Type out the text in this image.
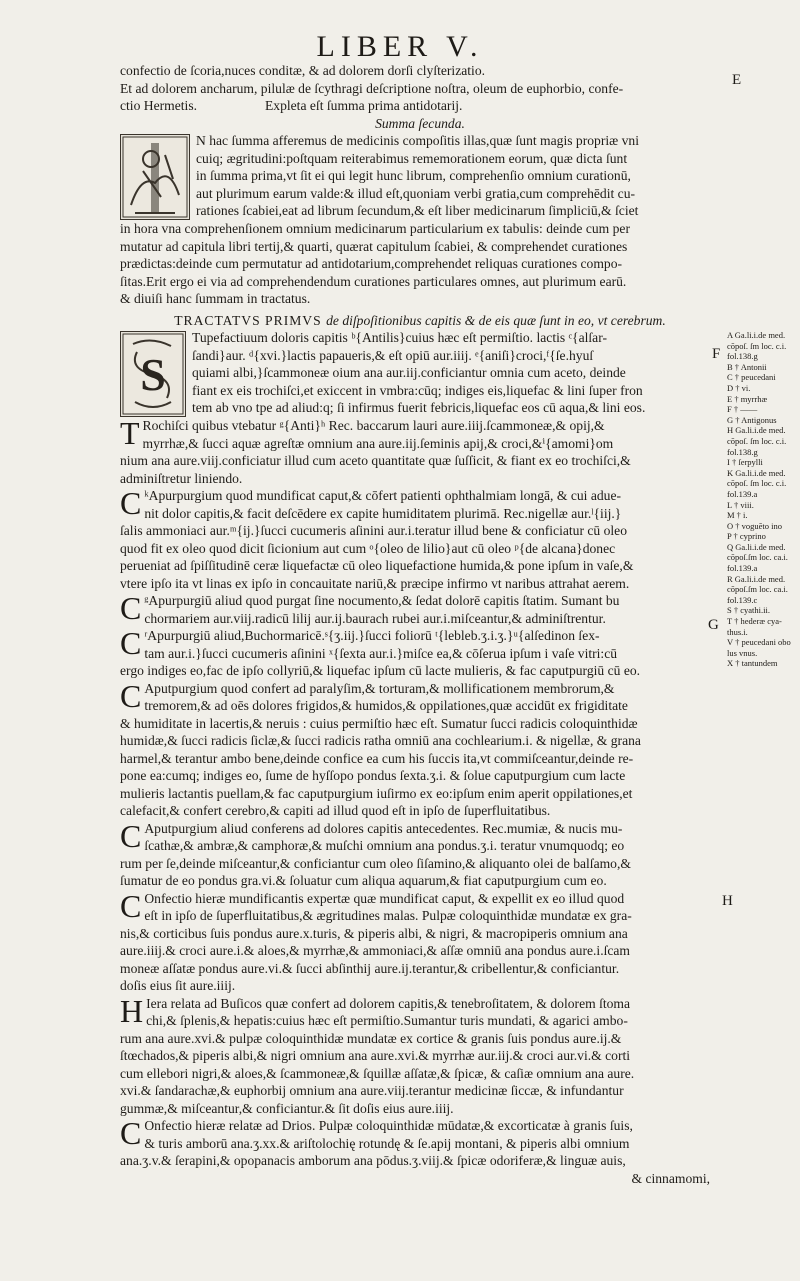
LIBER V.
E
F
G
H
confectio de ſcoria,nuces conditæ, & ad dolorem dorſi clyſterizatio.
Et ad dolorem ancharum, pilulæ de ſcythragi deſcriptione noſtra, oleum de euphorbio, confe-
ctio Hermetis.                    Expleta eſt ſumma prima antidotarij.
Summa ſecunda.
N hac ſumma afferemus de medicinis compoſitis illas,quæ ſunt magis propriæ vni
cuiq; ægritudini:poſtquam reiterabimus rememorationem eorum, quæ dicta ſunt
in ſumma prima,vt ſit ei qui legit hunc librum, comprehenſio omnium curationū,
aut plurimum earum valde:& illud eſt,quoniam verbi gratia,cum comprehēdit cu-
rationes ſcabiei,eat ad librum ſecundum,& eſt liber medicinarum ſimpliciū,& ſciet
in hora vna comprehenſionem omnium medicinarum particularium ex tabulis: deinde cum per
mutatur ad capitula libri tertij,& quarti, quærat capitulum ſcabiei, & comprehendet curationes
prædictas:deinde cum permutatur ad antidotarium,comprehendet reliquas curationes compo-
ſitas.Erit ergo ei via ad comprehendendum curationes particulares omnes, aut plurimum earū.
& diuiſi hanc ſummam in tractatus.
TRACTATVS PRIMVS de diſpoſitionibus capitis & de eis quæ ſunt in eo, vt cerebrum.
S
Tupefactiuum doloris capitis ᵇ{Antilis}cuius hæc eſt permiſtio. lactis ᶜ{alſar-
ſandi}aur. ᵈ{xvi.}lactis papaueris,& eſt opiū aur.iiij. ᵉ{aniſi}croci,ᶠ{ſe.hyuſ
quiami albi,}ſcammoneæ oium ana aur.iij.conficiantur omnia cum aceto, deinde
fiant ex eis trochiſci,et exiccent in vmbra:cūq; indiges eis,liquefac & lini ſuper fron
tem ab vno tpe ad aliud:q; ſi infirmus fuerit febricis,liquefac eos cū aqua,& lini eos.
T Rochiſci quibus vtebatur ᵍ{Anti}ʰ Rec. baccarum lauri aure.iiij.ſcammoneæ,& opij,&
myrrhæ,& ſucci aquæ agreſtæ omnium ana aure.iij.ſeminis apij,& croci,&ⁱ{amomi}om
nium ana aure.viij.conficiatur illud cum aceto quantitate quæ ſuſſicit, & fiant ex eo trochiſci,&
adminiſtretur liniendo.
C ᵏApurpurgium quod mundificat caput,& cōfert patienti ophthalmiam longā, & cui adue-
nit dolor capitis,& facit deſcēdere ex capite humiditatem plurimā. Rec.nigellæ aur.ˡ{iij.}
ſalis ammoniaci aur.ᵐ{ij.}ſucci cucumeris aſinini aur.i.teratur illud bene & conficiatur cū oleo
quod fit ex oleo quod dicit ſicionium aut cum ᵒ{oleo de lilio}aut cū oleo ᵖ{de alcana}donec
perueniat ad ſpiſſitudinē ceræ liquefactæ cū oleo liquefactione humida,& pone ipſum in vaſe,&
vtere ipſo ita vt linas ex ipſo in concauitate nariū,& præcipe infirmo vt naribus attrahat aerem.
C ᵍApurpurgiū aliud quod purgat ſine nocumento,& ſedat dolorē capitis ſtatim. Sumant bu
chormariem aur.viij.radicū lilij aur.ij.baurach rubei aur.i.miſceantur,& adminiſtrentur.
C ʳApurpurgiū aliud,Buchormaricē.ˢ{ʒ.iij.}ſucci foliorū ᵗ{lebleb.ʒ.i.ʒ.}ᵘ{alſedinon ſex-
tam aur.i.}ſucci cucumeris aſinini ˣ{ſexta aur.i.}miſce ea,& cōſerua ipſum i vaſe vitri:cū
ergo indiges eo,fac de ipſo collyriū,& liquefac ipſum cū lacte mulieris, & fac caputpurgiū cū eo.
C Aputpurgium quod confert ad paralyſim,& torturam,& mollificationem membrorum,&
tremorem,& ad oēs dolores frigidos,& humidos,& oppilationes,quæ accidūt ex frigiditate
& humiditate in lacertis,& neruis : cuius permiſtio hæc eſt. Sumatur ſucci radicis coloquinthidæ
humidæ,& ſucci radicis ſiclæ,& ſucci radicis ratha omniū ana cochlearium.i. & nigellæ, & grana
harmel,& terantur ambo bene,deinde confice ea cum his ſuccis ita,vt commiſceantur,deinde re-
pone ea:cumq; indiges eo, ſume de hyſſopo pondus ſexta.ʒ.i. & ſolue caputpurgium cum lacte
mulieris lactantis puellam,& fac caputpurgium iuſirmo ex eo:ipſum enim aperit oppilationes,et
calefacit,& confert cerebro,& capiti ad illud quod eſt in ipſo de ſuperfluitatibus.
C Aputpurgium aliud conferens ad dolores capitis antecedentes. Rec.mumiæ, & nucis mu-
ſcathæ,& ambræ,& camphoræ,& muſchi omnium ana pondus.ʒ.i. teratur vnumquodq; eo
rum per ſe,deinde miſceantur,& conficiantur cum oleo ſiſamino,& aliquanto olei de balſamo,&
ſumatur de eo pondus gra.vi.& ſoluatur cum aliqua aquarum,& fiat caputpurgium cum eo.
C Onfectio hieræ mundificantis expertæ quæ mundificat caput, & expellit ex eo illud quod
eſt in ipſo de ſuperfluitatibus,& ægritudines malas. Pulpæ coloquinthidæ mundatæ ex gra-
nis,& corticibus ſuis pondus aure.x.turis, & piperis albi, & nigri, & macropiperis omnium ana
aure.iiij.& croci aure.i.& aloes,& myrrhæ,& ammoniaci,& aſſæ omniū ana pondus aure.i.ſcam
moneæ aſſatæ pondus aure.vi.& ſucci abſinthij aure.ij.terantur,& cribellentur,& conficiantur.
doſis eius ſit aure.iiij.
H Iera relata ad Buſicos quæ confert ad dolorem capitis,& tenebroſitatem, & dolorem ſtoma
chi,& ſplenis,& hepatis:cuius hæc eſt permiſtio.Sumantur turis mundati, & agarici ambo-
rum ana aure.xvi.& pulpæ coloquinthidæ mundatæ ex cortice & granis ſuis pondus aure.ij.&
ſtœchados,& piperis albi,& nigri omnium ana aure.xvi.& myrrhæ aur.iij.& croci aur.vi.& corti
cum ellebori nigri,& aloes,& ſcammoneæ,& ſquillæ aſſatæ,& ſpicæ, & caſiæ omnium ana aure.
xvi.& ſandarachæ,& euphorbij omnium ana aure.viij.terantur medicinæ ſiccæ, & infundantur
gummæ,& miſceantur,& conficiantur.& ſit doſis eius aure.iiij.
C Onfectio hieræ relatæ ad Drios. Pulpæ coloquinthidæ mūdatæ,& excorticatæ à granis ſuis,
& turis amborū ana.ʒ.xx.& ariſtolochię rotundę & ſe.apij montani, & piperis albi omnium
ana.ʒ.v.& ſerapini,& opopanacis amborum ana pōdus.ʒ.viij.& ſpicæ odoriferæ,& linguæ auis,
& cinnamomi,
A Ga.li.i.de med.
cōpoſ. ſm loc. c.i.
fol.138.g
B † Antonii
C † peucedani
D † vi.
E † myrrhæ
F † ——
G † Antigonus
H Ga.li.i.de med.
cōpoſ. ſm loc. c.i.
fol.138.g
I † ſerpylli
K Ga.li.i.de med.
cōpoſ. ſm loc. c.i.
fol.139.a
L † viii.
M † i.
O † voguēto ino
P † cyprino
Q Ga.li.i.de med.
cōpoſ.ſm loc. ca.i.
fol.139.a
R Ga.li.i.de med.
cōpoſ.ſm loc. ca.i.
fol.139.c
S † cyathi.ii.
T † hederæ cya-
thus.i.
V † peucedani obo
lus vnus.
X † tantundem
